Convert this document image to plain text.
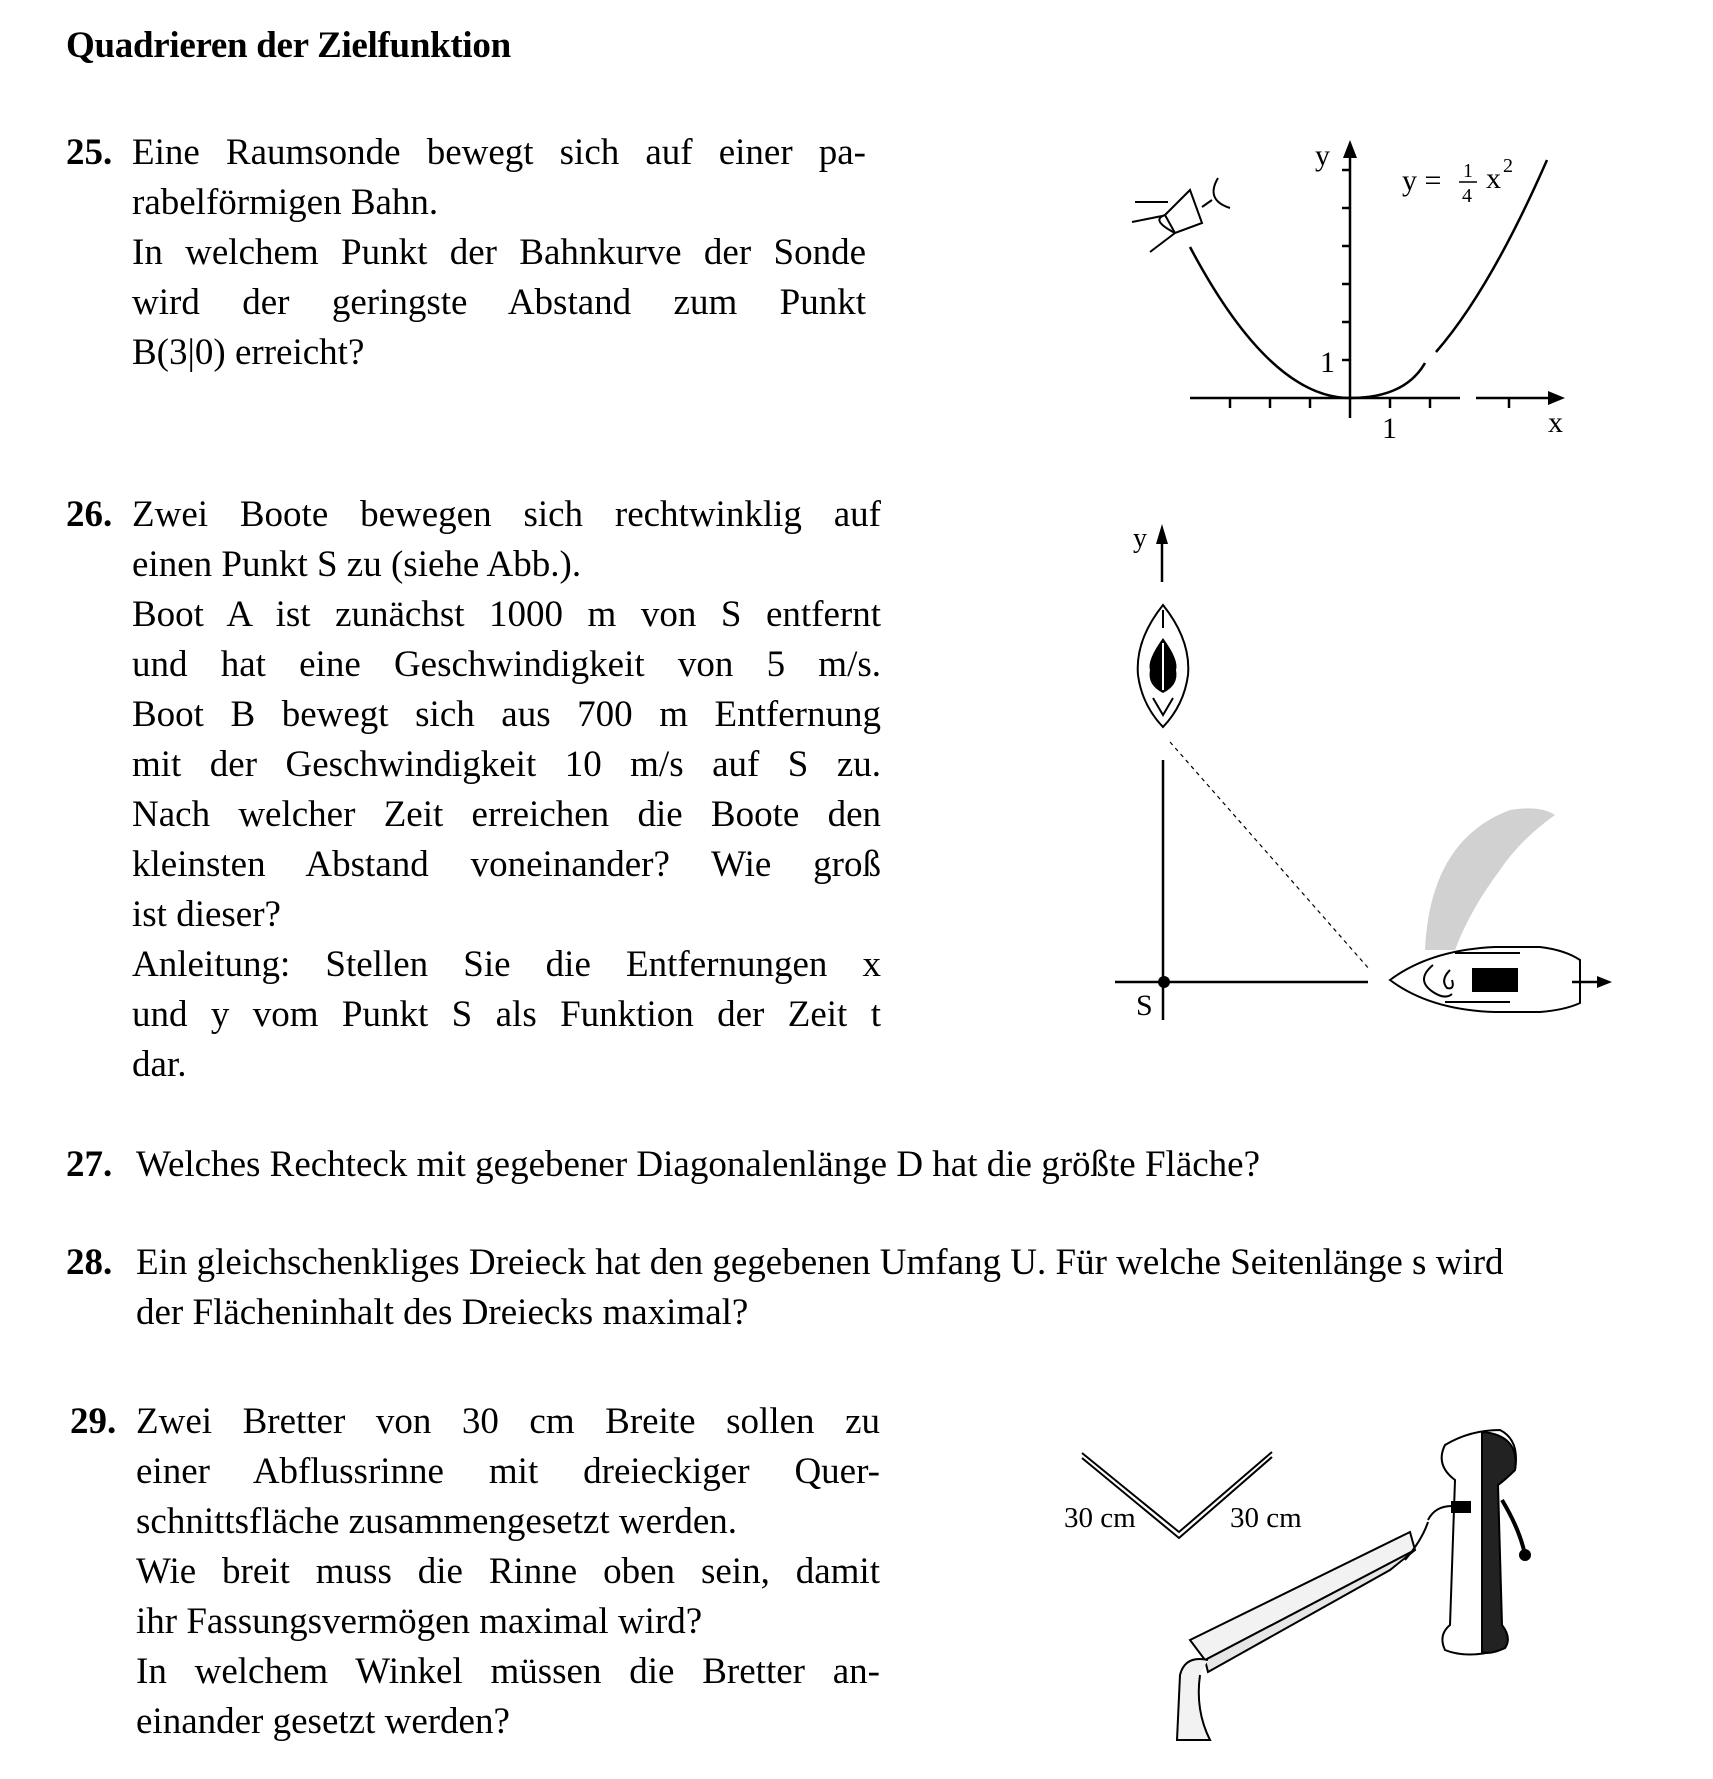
Quadrieren der Zielfunktion
25. Eine Raumsonde bewegt sich auf einer pa-
rabelförmigen Bahn.
In welchem Punkt der Bahnkurve der Sonde
wird der geringste Abstand zum Punkt
B(3|0) erreicht?
y
x
1
1
y = 1
4
x 2
26. Zwei Boote bewegen sich rechtwinklig auf
einen Punkt S zu (siehe Abb.).
Boot A ist zunächst 1000 m von S entfernt
und hat eine Geschwindigkeit von 5 m/s.
Boot B bewegt sich aus 700 m Entfernung
mit der Geschwindigkeit 10 m/s auf S zu.
Nach welcher Zeit erreichen die Boote den
kleinsten Abstand voneinander? Wie groß
ist dieser?
Anleitung: Stellen Sie die Entfernungen x
und y vom Punkt S als Funktion der Zeit t
dar.
y
S
27. Welches Rechteck mit gegebener Diagonalenlänge D hat die größte Fläche?
28. Ein gleichschenkliges Dreieck hat den gegebenen Umfang U. Für welche Seitenlänge s wird
der Flächeninhalt des Dreiecks maximal?
29. Zwei Bretter von 30 cm Breite sollen zu
einer Abflussrinne mit dreieckiger Quer-
schnittsfläche zusammengesetzt werden.
Wie breit muss die Rinne oben sein, damit
ihr Fassungsvermögen maximal wird?
In welchem Winkel müssen die Bretter an-
einander gesetzt werden?
30 cm	30 cm
